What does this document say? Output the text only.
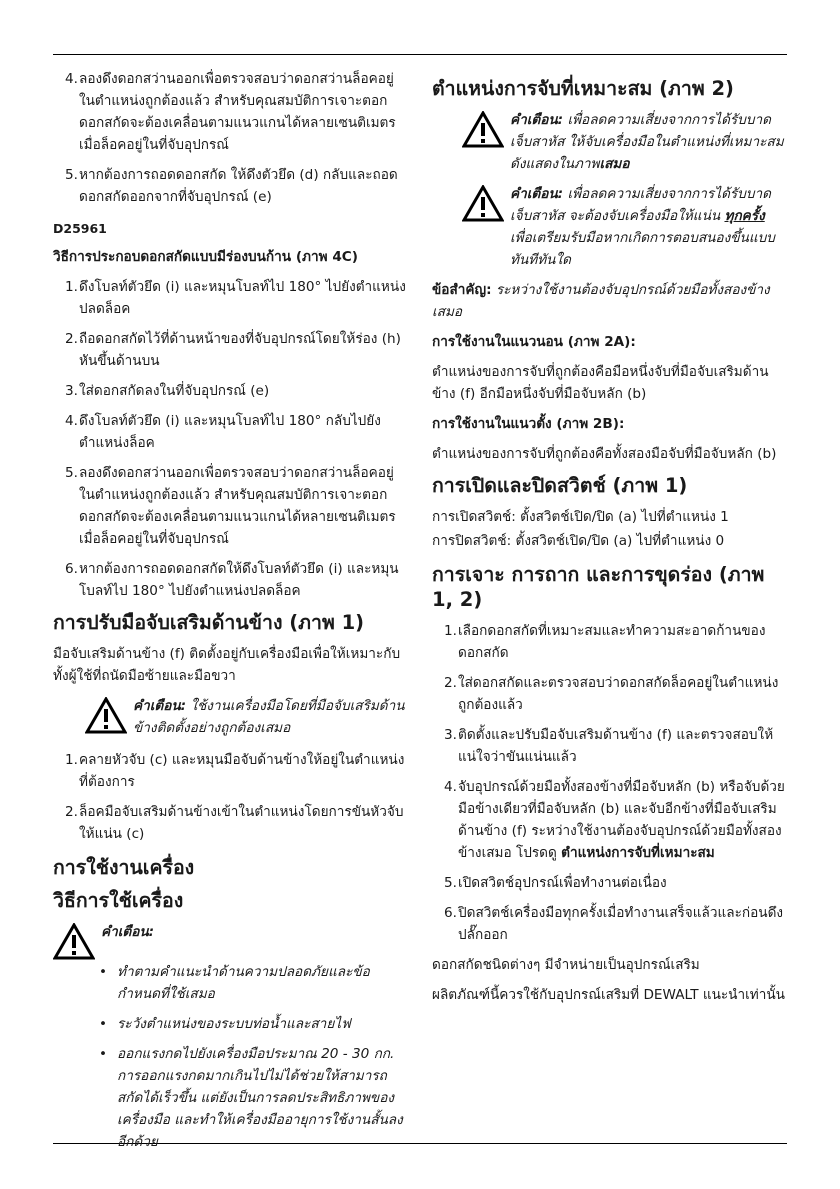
4. ลองดึงดอกสว่านออกเพื่อตรวจสอบว่าดอกสว่านล็อคอยู่ในตำแหน่งถูกต้องแล้ว สำหรับคุณสมบัติการเจาะตอก ดอกสกัดจะต้องเคลื่อนตามแนวแกนได้หลายเซนติเมตรเมื่อล็อคอยู่ในที่จับอุปกรณ์
5. หากต้องการถอดดอกสกัด ให้ดึงตัวยึด (d) กลับและถอดดอกสกัดออกจากที่จับอุปกรณ์ (e)
D25961
วิธีการประกอบดอกสกัดแบบมีร่องบนก้าน (ภาพ 4C)
1. ดึงโบลท์ตัวยึด (i) และหมุนโบลท์ไป 180° ไปยังตำแหน่งปลดล็อค
2. ถือดอกสกัดไว้ที่ด้านหน้าของที่จับอุปกรณ์โดยให้ร่อง (h) หันขึ้นด้านบน
3. ใส่ดอกสกัดลงในที่จับอุปกรณ์ (e)
4. ดึงโบลท์ตัวยึด (i) และหมุนโบลท์ไป 180° กลับไปยังตำแหน่งล็อค
5. ลองดึงดอกสว่านออกเพื่อตรวจสอบว่าดอกสว่านล็อคอยู่ในตำแหน่งถูกต้องแล้ว สำหรับคุณสมบัติการเจาะตอก ดอกสกัดจะต้องเคลื่อนตามแนวแกนได้หลายเซนติเมตรเมื่อล็อคอยู่ในที่จับอุปกรณ์
6. หากต้องการถอดดอกสกัดให้ดึงโบลท์ตัวยึด (i) และหมุนโบลท์ไป 180° ไปยังตำแหน่งปลดล็อค
การปรับมือจับเสริมด้านข้าง (ภาพ 1)
มือจับเสริมด้านข้าง (f) ติดตั้งอยู่กับเครื่องมือเพื่อให้เหมาะกับทั้งผู้ใช้ที่ถนัดมือซ้ายและมือขวา
คำเตือน: ใช้งานเครื่องมือโดยที่มือจับเสริมด้านข้างติดตั้งอย่างถูกต้องเสมอ
1. คลายหัวจับ (c) และหมุนมือจับด้านข้างให้อยู่ในตำแหน่งที่ต้องการ
2. ล็อคมือจับเสริมด้านข้างเข้าในตำแหน่งโดยการขันหัวจับให้แน่น (c)
การใช้งานเครื่อง
วิธีการใช้เครื่อง
คำเตือน:
• ทำตามคำแนะนำด้านความปลอดภัยและข้อกำหนดที่ใช้เสมอ
• ระวังตำแหน่งของระบบท่อน้ำและสายไฟ
• ออกแรงกดไปยังเครื่องมือประมาณ 20 - 30 กก. การออกแรงกดมากเกินไปไม่ได้ช่วยให้สามารถสกัดได้เร็วขึ้น แต่ยังเป็นการลดประสิทธิภาพของเครื่องมือ และทำให้เครื่องมืออายุการใช้งานสั้นลงอีกด้วย
ตำแหน่งการจับที่เหมาะสม (ภาพ 2)
คำเตือน: เพื่อลดความเสี่ยงจากการได้รับบาดเจ็บสาหัส ให้จับเครื่องมือในตำแหน่งที่เหมาะสมดังแสดงในภาพเสมอ
คำเตือน: เพื่อลดความเสี่ยงจากการได้รับบาดเจ็บสาหัส จะต้องจับเครื่องมือให้แน่น ทุกครั้ง เพื่อเตรียมรับมือหากเกิดการตอบสนองขึ้นแบบทันทีทันใด
ข้อสำคัญ: ระหว่างใช้งานต้องจับอุปกรณ์ด้วยมือทั้งสองข้างเสมอ
การใช้งานในแนวนอน (ภาพ 2A):
ตำแหน่งของการจับที่ถูกต้องคือมือหนึ่งจับที่มือจับเสริมด้านข้าง (f) อีกมือหนึ่งจับที่มือจับหลัก (b)
การใช้งานในแนวตั้ง (ภาพ 2B):
ตำแหน่งของการจับที่ถูกต้องคือทั้งสองมือจับที่มือจับหลัก (b)
การเปิดและปิดสวิตช์ (ภาพ 1)
การเปิดสวิตช์: ตั้งสวิตช์เปิด/ปิด (a) ไปที่ตำแหน่ง 1
การปิดสวิตช์: ตั้งสวิตช์เปิด/ปิด (a) ไปที่ตำแหน่ง 0
การเจาะ การถาก และการขุดร่อง (ภาพ 1, 2)
1. เลือกดอกสกัดที่เหมาะสมและทำความสะอาดก้านของดอกสกัด
2. ใส่ดอกสกัดและตรวจสอบว่าดอกสกัดล็อคอยู่ในตำแหน่งถูกต้องแล้ว
3. ติดตั้งและปรับมือจับเสริมด้านข้าง (f) และตรวจสอบให้แน่ใจว่าขันแน่นแล้ว
4. จับอุปกรณ์ด้วยมือทั้งสองข้างที่มือจับหลัก (b) หรือจับด้วยมือข้างเดียวที่มือจับหลัก (b) และจับอีกข้างที่มือจับเสริมด้านข้าง (f) ระหว่างใช้งานต้องจับอุปกรณ์ด้วยมือทั้งสองข้างเสมอ โปรดดู ตำแหน่งการจับที่เหมาะสม
5. เปิดสวิตช์อุปกรณ์เพื่อทำงานต่อเนื่อง
6. ปิดสวิตช์เครื่องมือทุกครั้งเมื่อทำงานเสร็จแล้วและก่อนดึงปลั๊กออก
ดอกสกัดชนิดต่างๆ มีจำหน่ายเป็นอุปกรณ์เสริม
ผลิตภัณฑ์นี้ควรใช้กับอุปกรณ์เสริมที่ DEWALT แนะนำเท่านั้น
